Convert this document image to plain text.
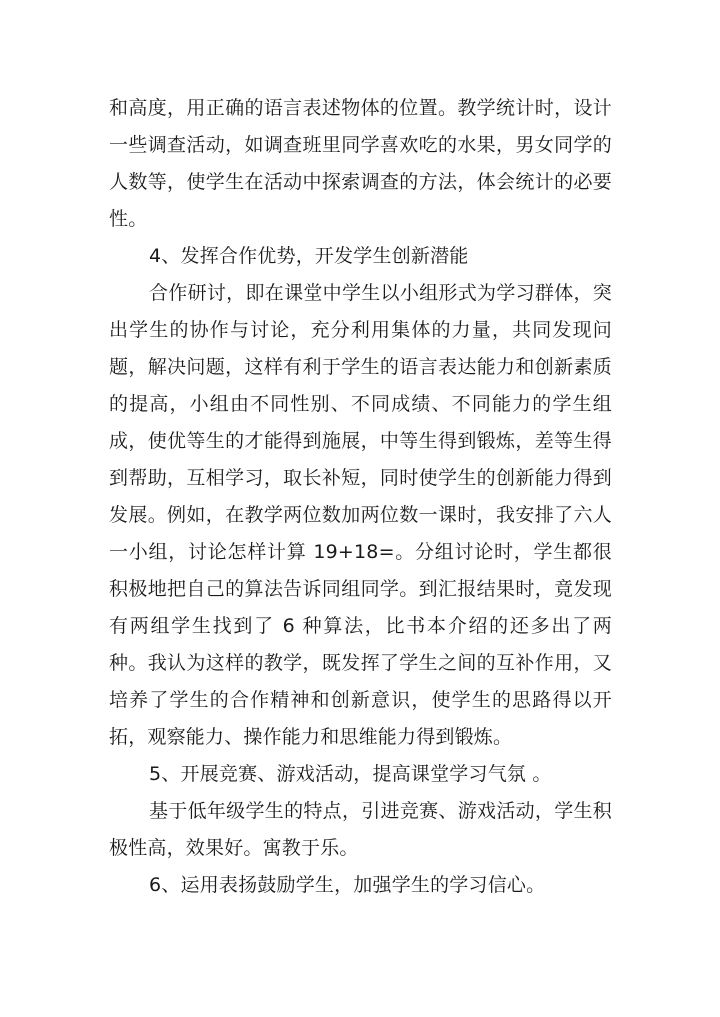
和高度，用正确的语言表述物体的位置。教学统计时，设计一些调查活动，如调查班里同学喜欢吃的水果，男女同学的人数等，使学生在活动中探索调查的方法，体会统计的必要性。

4、发挥合作优势，开发学生创新潜能

合作研讨，即在课堂中学生以小组形式为学习群体，突出学生的协作与讨论，充分利用集体的力量，共同发现问题，解决问题，这样有利于学生的语言表达能力和创新素质的提高，小组由不同性别、不同成绩、不同能力的学生组成，使优等生的才能得到施展，中等生得到锻炼，差等生得到帮助，互相学习，取长补短，同时使学生的创新能力得到发展。例如，在教学两位数加两位数一课时，我安排了六人一小组，讨论怎样计算 19+18=。分组讨论时，学生都很积极地把自己的算法告诉同组同学。到汇报结果时，竟发现有两组学生找到了 6 种算法，比书本介绍的还多出了两种。我认为这样的教学，既发挥了学生之间的互补作用，又培养了学生的合作精神和创新意识，使学生的思路得以开拓，观察能力、操作能力和思维能力得到锻炼。

5、开展竞赛、游戏活动，提高课堂学习气氛 。

基于低年级学生的特点，引进竞赛、游戏活动，学生积极性高，效果好。寓教于乐。

6、运用表扬鼓励学生，加强学生的学习信心。
